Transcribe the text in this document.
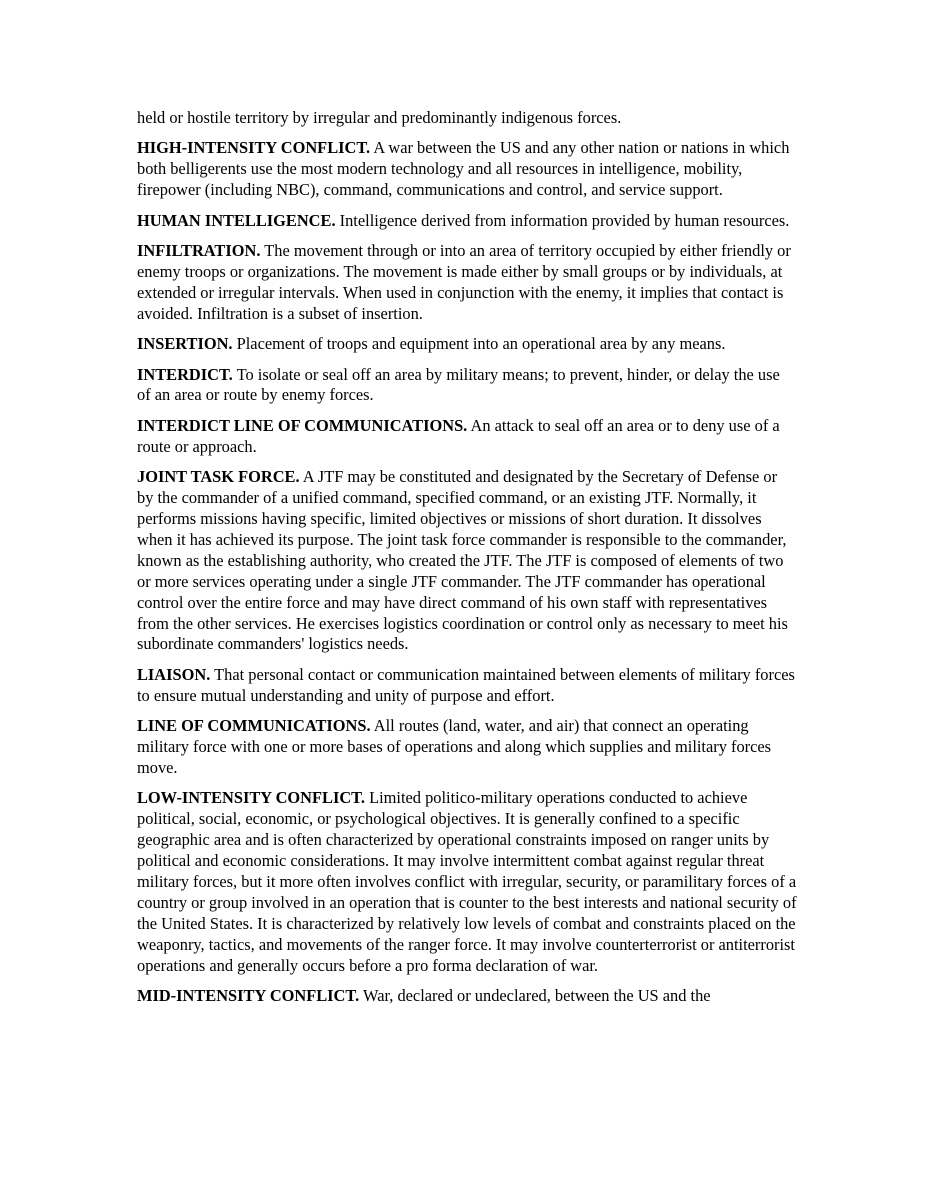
held or hostile territory by irregular and predominantly indigenous forces.

HIGH-INTENSITY CONFLICT. A war between the US and any other nation or nations in which both belligerents use the most modern technology and all resources in intelligence, mobility, firepower (including NBC), command, communications and control, and service support.

HUMAN INTELLIGENCE. Intelligence derived from information provided by human resources.

INFILTRATION. The movement through or into an area of territory occupied by either friendly or enemy troops or organizations. The movement is made either by small groups or by individuals, at extended or irregular intervals. When used in conjunction with the enemy, it implies that contact is avoided. Infiltration is a subset of insertion.

INSERTION. Placement of troops and equipment into an operational area by any means.

INTERDICT. To isolate or seal off an area by military means; to prevent, hinder, or delay the use of an area or route by enemy forces.

INTERDICT LINE OF COMMUNICATIONS. An attack to seal off an area or to deny use of a route or approach.

JOINT TASK FORCE. A JTF may be constituted and designated by the Secretary of Defense or by the commander of a unified command, specified command, or an existing JTF. Normally, it performs missions having specific, limited objectives or missions of short duration. It dissolves when it has achieved its purpose. The joint task force commander is responsible to the commander, known as the establishing authority, who created the JTF. The JTF is composed of elements of two or more services operating under a single JTF commander. The JTF commander has operational control over the entire force and may have direct command of his own staff with representatives from the other services. He exercises logistics coordination or control only as necessary to meet his subordinate commanders' logistics needs.

LIAISON. That personal contact or communication maintained between elements of military forces to ensure mutual understanding and unity of purpose and effort.

LINE OF COMMUNICATIONS. All routes (land, water, and air) that connect an operating military force with one or more bases of operations and along which supplies and military forces move.

LOW-INTENSITY CONFLICT. Limited politico-military operations conducted to achieve political, social, economic, or psychological objectives. It is generally confined to a specific geographic area and is often characterized by operational constraints imposed on ranger units by political and economic considerations. It may involve intermittent combat against regular threat military forces, but it more often involves conflict with irregular, security, or paramilitary forces of a country or group involved in an operation that is counter to the best interests and national security of the United States. It is characterized by relatively low levels of combat and constraints placed on the weaponry, tactics, and movements of the ranger force. It may involve counterterrorist or antiterrorist operations and generally occurs before a pro forma declaration of war.

MID-INTENSITY CONFLICT. War, declared or undeclared, between the US and the
